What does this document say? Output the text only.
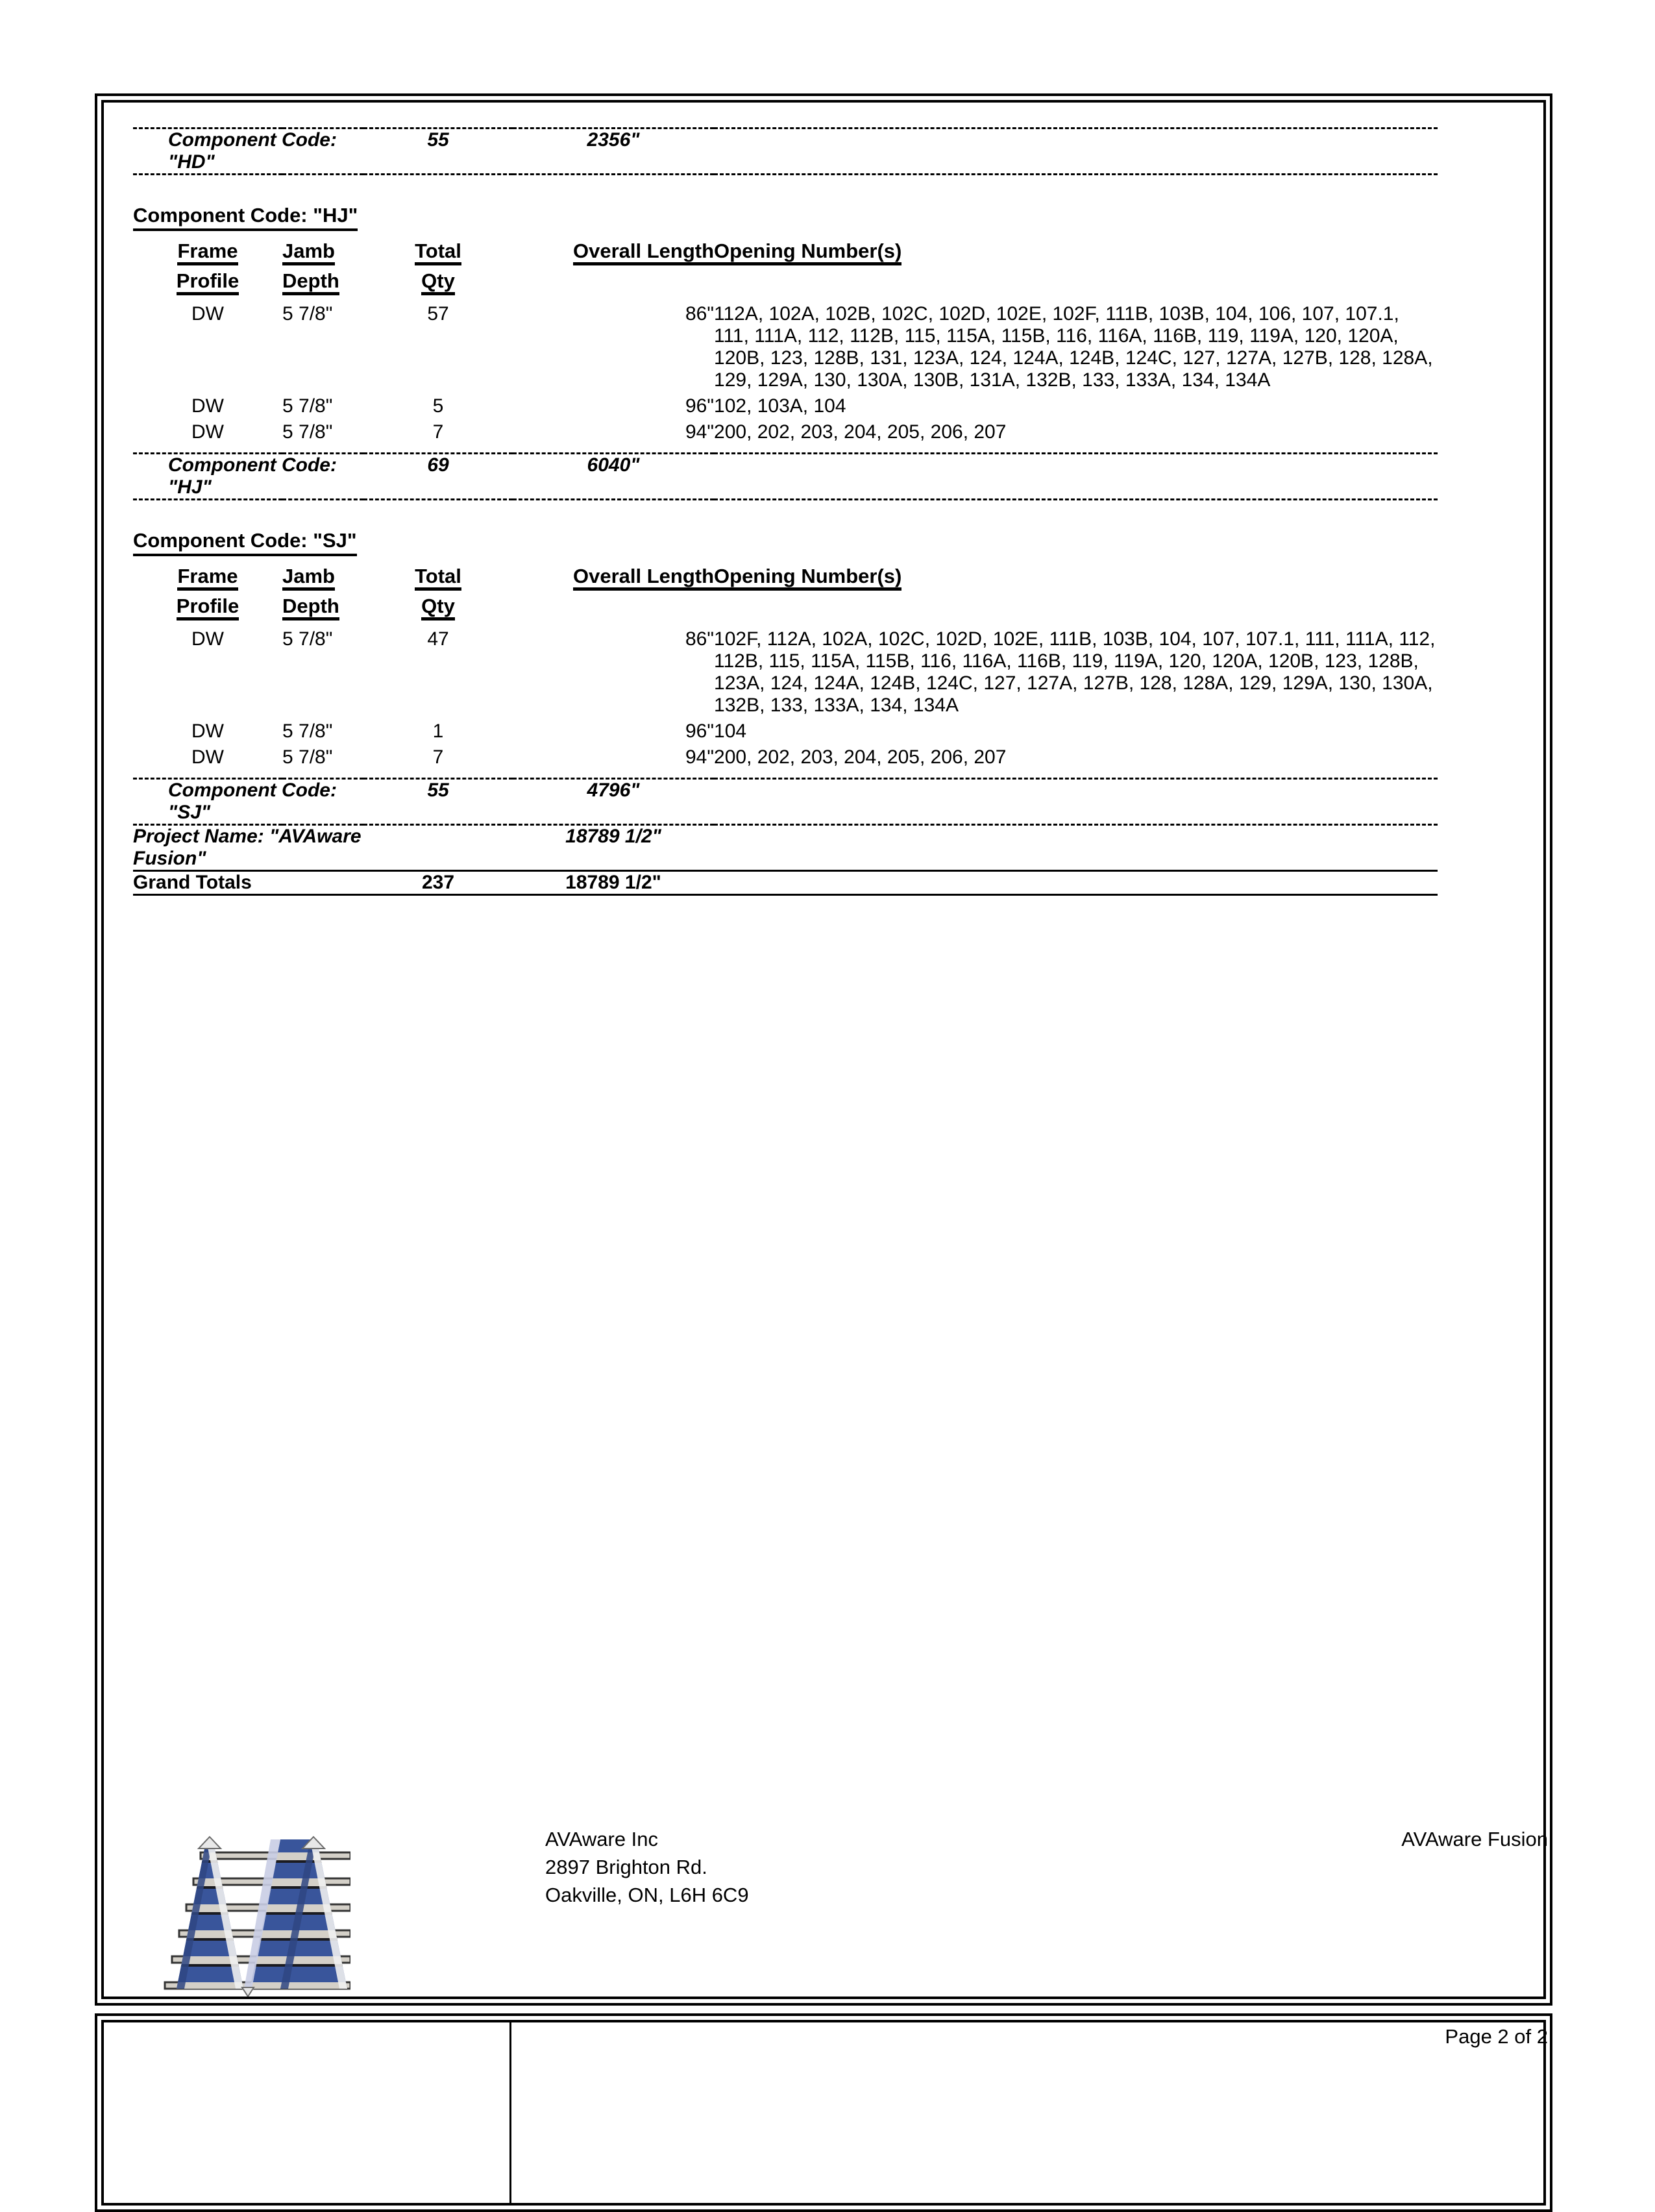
Component Code: "HD"		55	2356"	

Component Code: "HJ"				
Frame	Jamb	Total	Overall Length	Opening Number(s)
Profile	Depth	Qty		
DW	5 7/8"	57	86"	112A, 102A, 102B, 102C, 102D, 102E, 102F, 111B, 103B, 104, 106, 107, 107.1, 111, 111A, 112, 112B, 115, 115A, 115B, 116, 116A, 116B, 119, 119A, 120, 120A, 120B, 123, 128B, 131, 123A, 124, 124A, 124B, 124C, 127, 127A, 127B, 128, 128A, 129, 129A, 130, 130A, 130B, 131A, 132B, 133, 133A, 134, 134A
DW	5 7/8"	5	96"	102, 103A, 104
DW	5 7/8"	7	94"	200, 202, 203, 204, 205, 206, 207

Component Code: "HJ"		69	6040"	

Component Code: "SJ"				
Frame	Jamb	Total	Overall Length	Opening Number(s)
Profile	Depth	Qty		
DW	5 7/8"	47	86"	102F, 112A, 102A, 102C, 102D, 102E, 111B, 103B, 104, 107, 107.1, 111, 111A, 112, 112B, 115, 115A, 115B, 116, 116A, 116B, 119, 119A, 120, 120A, 120B, 123, 128B, 123A, 124, 124A, 124B, 124C, 127, 127A, 127B, 128, 128A, 129, 129A, 130, 130A, 132B, 133, 133A, 134, 134A
DW	5 7/8"	1	96"	104
DW	5 7/8"	7	94"	200, 202, 203, 204, 205, 206, 207

Component Code: "SJ"		55	4796"	
Project Name: "AVAware Fusion"			18789 1/2"	
Grand Totals		237	18789 1/2"	
AVAware Inc
2897 Brighton Rd.
Oakville, ON, L6H 6C9
AVAware Fusion
Page 2 of 2
